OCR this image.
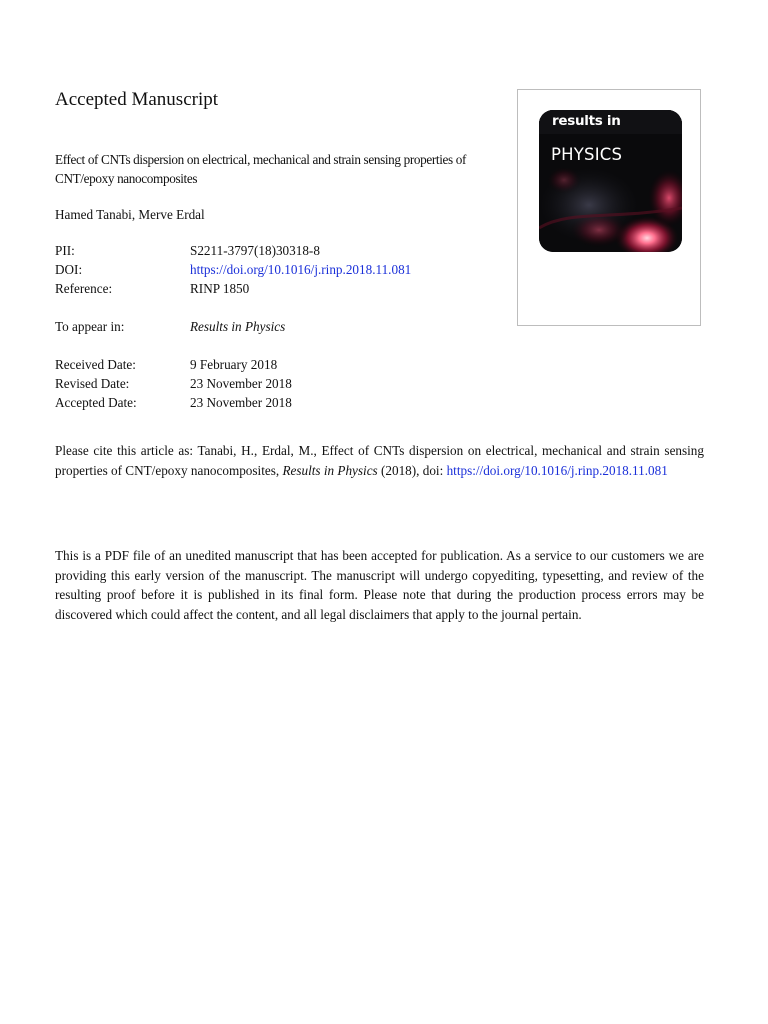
Accepted Manuscript
Effect of CNTs dispersion on electrical, mechanical and strain sensing properties of CNT/epoxy nanocomposites
Hamed Tanabi, Merve Erdal
PII:	S2211-3797(18)30318-8
DOI:	https://doi.org/10.1016/j.rinp.2018.11.081
Reference:	RINP 1850
To appear in:	Results in Physics
Received Date:	9 February 2018
Revised Date:	23 November 2018
Accepted Date:	23 November 2018
Please cite this article as: Tanabi, H., Erdal, M., Effect of CNTs dispersion on electrical, mechanical and strain sensing properties of CNT/epoxy nanocomposites, Results in Physics (2018), doi: https://doi.org/10.1016/j.rinp.2018.11.081
This is a PDF file of an unedited manuscript that has been accepted for publication. As a service to our customers we are providing this early version of the manuscript. The manuscript will undergo copyediting, typesetting, and review of the resulting proof before it is published in its final form. Please note that during the production process errors may be discovered which could affect the content, and all legal disclaimers that apply to the journal pertain.
results in
PHYSICS
